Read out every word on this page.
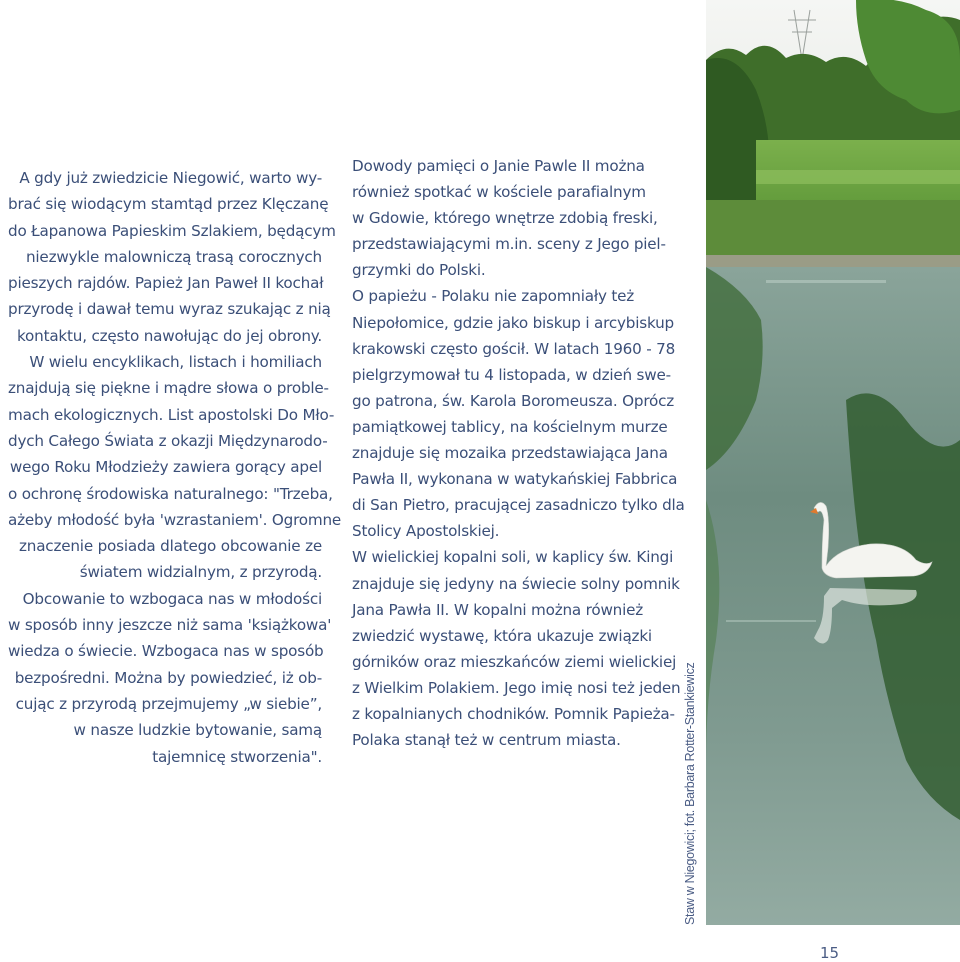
A gdy już zwiedzicie Niegowić, warto wy-
brać się wiodącym stamtąd przez Klęczanę
do Łapanowa Papieskim Szlakiem, będącym
niezwykle malowniczą trasą corocznych
pieszych rajdów. Papież Jan Paweł II kochał
przyrodę i dawał temu wyraz szukając z nią
kontaktu, często nawołując do jej obrony.
W wielu encyklikach, listach i homiliach
znajdują się piękne i mądre słowa o proble-
mach ekologicznych. List apostolski Do Mło-
dych Całego Świata z okazji Międzynarodo-
wego Roku Młodzieży zawiera gorący apel
o ochronę środowiska naturalnego: "Trzeba,
ażeby młodość była 'wzrastaniem'. Ogromne
znaczenie posiada dlatego obcowanie ze
światem widzialnym, z przyrodą.
Obcowanie to wzbogaca nas w młodości
w sposób inny jeszcze niż sama 'książkowa'
wiedza o świecie. Wzbogaca nas w sposób
bezpośredni. Można by powiedzieć, iż ob-
cując z przyrodą przejmujemy „w siebie”,
w nasze ludzkie bytowanie, samą
tajemnicę stworzenia".
Dowody pamięci o Janie Pawle II można
również spotkać w kościele parafialnym
w Gdowie, którego wnętrze zdobią freski,
przedstawiającymi m.in. sceny z Jego piel-
grzymki do Polski.
O papieżu - Polaku nie zapomniały też
Niepołomice, gdzie jako biskup i arcybiskup
krakowski często gościł. W latach 1960 - 78
pielgrzymował tu 4 listopada, w dzień swe-
go patrona, św. Karola Boromeusza. Oprócz
pamiątkowej tablicy, na kościelnym murze
znajduje się mozaika przedstawiająca Jana
Pawła II, wykonana w watykańskiej Fabbrica
di San Pietro, pracującej zasadniczo tylko dla
Stolicy Apostolskiej.
W wielickiej kopalni soli, w kaplicy św. Kingi
znajduje się jedyny na świecie solny pomnik
Jana Pawła II. W kopalni można również
zwiedzić wystawę, która ukazuje związki
górników oraz mieszkańców ziemi wielickiej
z Wielkim Polakiem. Jego imię nosi też jeden
z kopalnianych chodników. Pomnik Papieża-
Polaka stanął też w centrum miasta.	Staw w Niegowici; fot. Barbara Rotter-Stankiewicz
15
